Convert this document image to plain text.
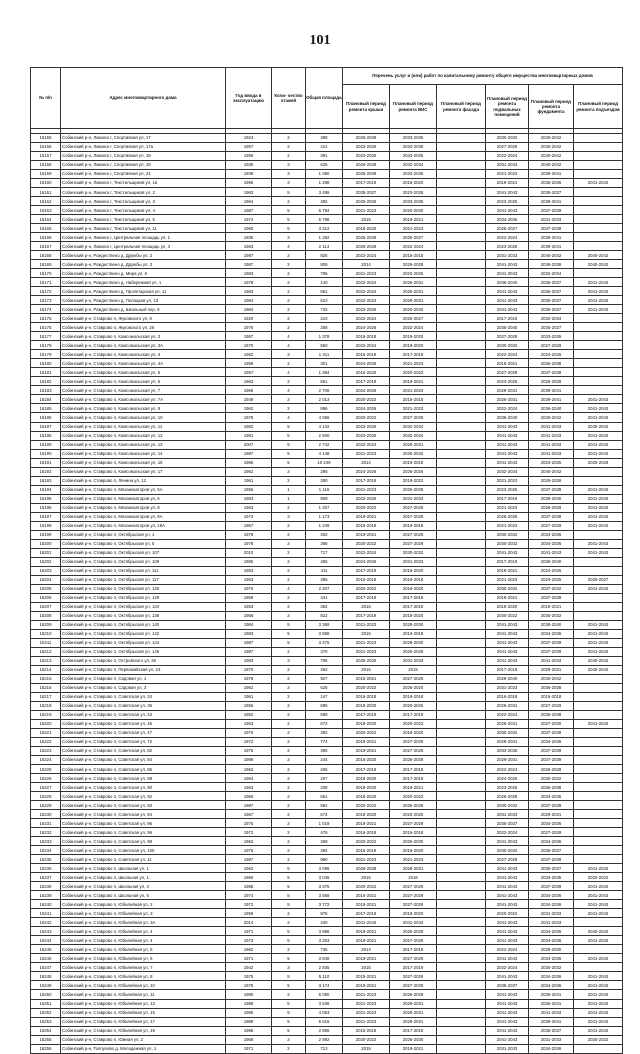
101
№ п/п	Адрес многоквартирного дома	Год ввода в эксплуатацию	Коли- чество этажей	Общая площадь	Перечень услуг и (или) работ по капитальному ремонту общего имущества многоквартирных домов					
					Плановый период ремонта крыши	Плановый период ремонта ВИС	Плановый период ремонта фасада	Плановый период ремонта подвальных помещений	Плановый период ремонта фундамента	Плановый период ремонта подъездов

16155	Собинский р-н, Лакинск г, Спортивная ул, 17	1924	2	398	2026-2028	2033-2035		2030-2032	2040-2042	
16156	Собинский р-н, Лакинск г, Спортивная ул, 17а	1957	2	421	2023-2025	2033-2035		2027-2029	2040-2042	
16157	Собинский р-н, Лакинск г, Спортивная ул, 18	1956	2	391	2023-2025	2033-2035		2022-2024	2040-2042	
16158	Собинский р-н, Лакинск г, Спортивная ул, 19	1935	3	625	2026-2028	2032-2034		2031-2033	2040-2042	
16159	Собинский р-н, Лакинск г, Спортивная ул, 21	1939	3	1 080	2026-2028	2033-2035		2021-2023	2039-2041	
16160	Собинский р-н, Лакинск г, Текстильщиков ул, 1в	1996	3	1 298	2017-2019	2018-2020		2019-2021	2035-2036	2041-2043
16161	Собинский р-н, Лакинск г, Текстильщиков ул, 2	1963	5	3 486	2035-2027	2023-2035		2041-2043	2035-2037	
16162	Собинский р-н, Лакинск г, Текстильщиков ул, 3	1964	2	482	2025-2025	2033-2035		2023-2025	2039-2041	
16163	Собинский р-н, Лакинск г, Текстильщиков ул, 4	1987	5	6 784	2021-2023	2020-2030		2041-2043	2037-2039	
16164	Собинский р-н, Лакинск г, Текстильщиков ул, 5	1974	5	5 788	2015	2019-2021		2034-2036	2031-2033	
16165	Собинский р-н, Лакинск г, Текстильщиков ул, 11	1960	5	3 312	2018-2020	2021-2023		2025-2027	2037-2039	
16166	Собинский р-н, Лакинск г, Центральная площадь ул, 1	1935	3	1 282	2026-2028	2025-2027		2022-2024	2039-2041	
16167	Собинский р-н, Лакинск г, Центральная площадь ул, 3	1963	4	2 114	2026-2028	2022-2024		2023-2025	2039-2041	
16168	Собинский р-н, Рождествено д, Дружбы ул, 2	1987	2	826	2022-2024	2016-2018		2031-2033	2040-2042	2040-2042
16169	Собинский р-н, Рождествено д, Дружбы ул, 3	1987	2	806	2014	2026-2028		2041-2043	2036-2038	2040-2042
16170	Собинский р-н, Рождествено д, Мира ул, 6	1983	2	796	2021-2023	2023-2025		2041-2043	2032-2034	
16171	Собинский р-н, Рождествено д, Набережная ул, 1	1978	2	140	2022-2024	2026-2031		2036-2040	2035-2037	2041-2043
16172	Собинский р-н, Рождествено д, Пролетарская ул, 11	1983	2	561	2022-2024	2026-2031		2041-2043	2035-2037	2041-2043
16173	Собинский р-н, Рождествено д, Полоцкая ул, 13	1984	2	623	2022-2024	2029-2031		2041-2043	2035-2037	2041-2043
16174	Собинский р-н, Рождествено д, Школьный пер, 9	1984	2	732	2023-2025	2020-2032		2041-2043	2035-2037	2041-2043
16175	Собинский р-н, Ставрово п, Жуковского ул, 9	1920	2	210	2022-2024	2025-2027		2017-2019	2032-2034	
16176	Собинский р-н, Ставрово п, Жуковского ул, 26	1976	2	268	2024-2026	2022-2024		2035-2040	2025-2027	
16177	Собинский р-н, Ставрово п, Комсомольская ул, 3	1987	4	1 378	2016-2018	2019-2020		2027-2029	2033-2035	
16178	Собинский р-н, Ставрово п, Комсомольская ул, 3А	1970	4	550	2022-2024	2019-2020		2030-2032	2027-2029	
16179	Собинский р-н, Ставрово п, Комсомольская ул, 4	1962	3	1 311	2016-2018	2017-2019		2022-2024	2024-2026	
16180	Собинский р-н, Ставрово п, Комсомольская ул, 4А	1959	2	301	2024-2026	2021-2023		2019-2021	2036-2038	
16181	Собинский р-н, Ставрово п, Комсомольская ул, 5	1957	4	1 384	2016-2020	2020-2022		2027-2029	2037-2039	
16182	Собинский р-н, Ставрово п, Комсомольская ул, 6	1963	2	661	2017-2019	2019-2021		2023-2025	2026-2028	
16183	Собинский р-н, Ставрово п, Комсомольская ул, 7	1969	4	2 706	2024-2026	2021-2023		2029-2031	2039-2041	
16184	Собинский р-н, Ставрово п, Комсомольская ул, 7А	1949	2	2 013	2020-2022	2016-2018		2026-2031	2039-2041	2041-2043
16185	Собинский р-н, Ставрово п, Комсомольская ул, 8	1962	2	896	2024-2026	2021-2023		2022-2024	2036-2040	2041-2043
16186	Собинский р-н, Ставрово п, Комсомольская ул, 10	1978	4	4 066	2020-2022	2027-2029		2036-2040	2040-2042	2041-2043
16187	Собинский р-н, Ставрово п, Комсомольская ул, 11	1982	5	4 132	2023-2025	2032-2034		2041-2043	2041-2043	2040-2042
16188	Собинский р-н, Ставрово п, Комсомольская ул, 12	1981	5	2 600	2023-2025	2032-2034		2041-2043	2041-2043	2041-2043
16189	Собинский р-н, Ставрово п, Комсомольская ул, 13	2007	5	2 742	2022-2024	2029-2031		2041-2043	2041-2043	2041-2043
16190	Собинский р-н, Ставрово п, Комсомольская ул, 14	1987	5	4 148	2021-2023	2030-2032		2041-2043	2041-2043	2041-2043
16191	Собинский р-н, Ставрово п, Комсомольская ул, 16	1985	5	10 249	2014	2019-2018		2041-2043	2023-2025	2025-2029
16192	Собинский р-н, Ставрово п, Комсомольская ул, 17	1962	2	295	2024-2026	2026-2026		2032-2034	2040-2042	
16193	Собинский р-н, Ставрово п, Ленина ул, 12	1961	2	290	2017-2019	2019-2022		2021-2023	2026-2028	
16194	Собинский р-н, Ставрово п, Механизаторов ул, 5А	1956	1	1 116	2021-2023	2026-2028		2023-2025	2037-2039	2041-2043
16195	Собинский р-н, Ставрово п, Механизаторов ул, 6	1983	1	909	2022-2025	2031-2033		2017-2019	2039-2040	2041-2043
16196	Собинский р-н, Ставрово п, Механизаторов ул, 8	1963	2	1 307	2020-2022	2027-2029		2021-2023	2026-2028	2041-2043
16197	Собинский р-н, Ставрово п, Механизаторов ул, 8А	1973	3	1 173	2019-2021	2027-2029		2026-2025	2037-2039	2041-2043
16198	Собинский р-н, Ставрово п, Механизаторов ул, 18А	1967	2	1 249	2016-2018	2016-2018		2021-2023	2027-2029	2041-2043
16199	Собинский р-н, Ставрово п, Октябрьская ул, 1	1978	2	302	2019-2021	2027-2029		2030-2032	2034-2036	
16200	Собинский р-н, Ставрово п, Октябрьская ул, 5	1978	2	366	2020-2022	2027-2029		2030-2032	2034-2036	2041-2043
16201	Собинский р-н, Ставрово п, Октябрьская ул, 107	2010	2	717	2022-2024	2030-2032		2041-2043	2041-2043	2041-2043
16202	Собинский р-н, Ставрово п, Октябрьская ул, 109	1985	2	456	2024-2026	2031-2033		2017-2019	2036-2040	
16203	Собинский р-н, Ставрово п, Октябрьская ул, 111	1953	2	411	2017-2019	2018-2020		2019-2021	2024-2026	
16204	Собинский р-н, Ставрово п, Октябрьская ул, 117	1953	2	395	2016-2018	2016-2018		2021-2023	2023-2025	2025-2027
16205	Собинский р-н, Ставрово п, Октябрьская ул, 126	1970	4	2 207	2020-2022	2016-2020		2030-2032	2037-2032	2041-2043
16206	Собинский р-н, Ставрово п, Октябрьская ул, 128	1958	2	441	2017-2019	2017-2019		2019-2021	2037-2039	
16207	Собинский р-н, Ставрово п, Октябрьская ул, 134	1953	2	354	2015	2017-2019		2018-2020	2019-2021	
16208	Собинский р-н, Ставрово п, Октябрьская ул, 136	1956	2	822	2017-2019	2018-2020		2030-2022	2030-2032	
16209	Собинский р-н, Ставрово п, Октябрьская ул, 140	1984	5	3 368	2021-2023	2028-2030		2041-2043	2038-2040	2041-2043
16210	Собинский р-н, Ставрово п, Октябрьская ул, 142	1983	5	3 858	2015	2016-2018		2041-2043	2034-2036	2041-2043
16211	Собинский р-н, Ставрово п, Октябрьская ул, 144	1987	5	3 475	2021-2023	2028-2030		2041-2043	2037-2039	2041-2043
16212	Собинский р-н, Ставрово п, Октябрьская ул, 146	1987	2	376	2021-2023	2026-2028		2041-2043	2037-2039	2041-2043
16213	Собинский р-н, Ставрово п, Островского ул, 26	1983	3	706	2025-2025	2031-2033		2041-2043	2041-2043	2040-2042
16214	Собинский р-н, Ставрово п, Первомайская ул, 23	1970	2	262	2015	2015		2017-2019	2029-2031	2040-2042
16215	Собинский р-н, Ставрово п, Садовая ул, 1	1978	2	927	2016-2021	2027-2029		2029-2040	2040-2042	
16216	Собинский р-н, Ставрово п, Садовая ул, 3	1962	2	625	2020-2022	2026-2020		2031-2033	2036-2038	
16217	Собинский р-н, Ставрово п, Советская ул, 34	1961	2	147	2016-2018	2016-2018		2016-2018	2016-2018	
16218	Собинский р-н, Ставрово п, Советская ул, 36	1956	2	685	2018-2020	2020-2025		2026-2031	2027-2029	
16219	Собинский р-н, Ставрово п, Советская ул, 43	1952	2	689	2017-2019	2017-2019		2022-2024	2035-2038	
16220	Собинский р-н, Ставрово п, Советская ул, 45	1953	2	672	2018-2020	2020-2022		2026-2031	2027-2030	2041-2043
16221	Собинский р-н, Ставрово п, Советская ул, 47	1970	2	392	2020-2022	2018-2020		2030-2032	2037-2039	
16222	Собинский р-н, Ставрово п, Советская ул, 72	1972	2	774	2019-2021	2027-2029		2029-2031	2034-2036	
16223	Собинский р-н, Ставрово п, Советская ул, 82	1975	2	395	2019-2021	2027-2029		2033-2035	2037-2039	
16224	Собинский р-н, Ставрово п, Советская ул, 84	1989	2	244	2016-2020	2026-2028		2029-2031	2037-2039	
16225	Собинский р-н, Ставрово п, Советская ул, 86	1962	2	265	2017-2019	2017-2019		2022-2024	2026-2028	
16226	Собинский р-н, Ставрово п, Советская ул, 88	1964	2	207	2018-2020	2017-2019		2024-2026	2030-2032	
16227	Собинский р-н, Ставрово п, Советская ул, 90	1963	2	338	2018-2020	2019-2021		2023-2025	2036-2038	
16228	Собинский р-н, Ставрово п, Советская ул, 92	1966	2	661	2018-2020	2020-2022		2026-2028	2033-2035	
16229	Собинский р-н, Ставрово п, Советская ул, 93	1987	2	862	2020-2022	2026-2028		2030-2032	2037-2039	
16230	Собинский р-н, Ставрово п, Советская ул, 94	1967	2	674	2018-2020	2023-2025		2031-2033	2029-2031	
16231	Собинский р-н, Ставрово п, Советская ул, 96	1975	2	1 019	2019-2021	2027-2029		2035-2037	2034-2036	
16232	Собинский р-н, Ставрово п, Советская ул, 96	1972	2	476	2016-2019	2016-2018		2022-2024	2027-2029	
16233	Собинский р-н, Ставрово п, Советская ул, 98	1962	2	369	2020-2022	2026-2030		2041-2043	2034-2036	
16234	Собинский р-н, Ставрово п, Советская ул, 100	1976	2	394	2016-2018	2018-2020		2030-2032	2035-2037	
16235	Собинский р-н, Ставрово п, Советская ул, 11	1987	2	980	2021-2023	2021-2023		2027-2029	2037-2039	
16236	Собинский р-н, Ставрово п, Школьная ул, 1	1962	5	3 096	2026-2028	2028-2031		2041-2043	2035-2037	2041-2043
16237	Собинский р-н, Ставрово п, Школьная ул, 1	1990	5	3 045	2015	2016		2041-2043	2033-2035	2020-2022
16238	Собинский р-н, Ставрово п, Школьная ул, 3	1988	5	3 375	2020-2022	2027-2029		2041-2043	2037-2039	2041-2043
16239	Собинский р-н, Ставрово п, Школьная ул, 6	1974	5	3 568	2016-2021	2027-2029		2041-2043	2034-2036	2041-2043
16240	Собинский р-н, Ставрово п, Юбилейная ул, 2	1972	5	3 772	2019-2021	2027-2029		2041-2043	2034-2036	2041-2043
16241	Собинский р-н, Ставрово п, Юбилейная ул, 3	1959	2	976	2017-2019	2018-2020		2020-2022	2031-2033	2041-2043
16242	Собинский р-н, Ставрово п, Юбилейная ул, 3А	2014	2	430	2041-2043	2041-2043		2041-2043	2041-2043	
16243	Собинский р-н, Ставрово п, Юбилейная ул, 4	1971	5	3 886	2019-2021	2026-2028		2041-2043	2034-2036	2040-2042
16244	Собинский р-н, Ставрово п, Юбилейная ул, 4	1973	5	3 253	2019-2021	2027-2029		2041-2043	2034-2036	2041-2043
16245	Собинский р-н, Ставрово п, Юбилейная ул, 5	1962	2	735	2014	2017-2019		2022-2024	2028-2030	
16246	Собинский р-н, Ставрово п, Юбилейная ул, 6	1971	5	3 849	2019-2021	2027-2029		2041-2043	2034-2036	2041-2043
16247	Собинский р-н, Ставрово п, Юбилейная ул, 7	1942	3	2 835	2015	2017-2019		2022-2024	2030-2032	
16248	Собинский р-н, Ставрово п, Юбилейная ул, 8	1975	5	5 110	2019-2021	2027-2029		2041-2043	2034-2036	2041-2043
16249	Собинский р-н, Ставрово п, Юбилейная ул, 10	1975	5	3 174	2019-2021	2027-2029		2035-2037	2034-2036	2041-2043
16250	Собинский р-н, Ставрово п, Юбилейная ул, 11	1980	2	6 090	2021-2023	2026-2028		2041-2043	2036-2041	2041-2043
16251	Собинский р-н, Ставрово п, Юбилейная ул, 13	1989	5	3 536	2021-2023	2029-2031		2041-2043	2036-2041	2041-2043
16252	Собинский р-н, Ставрово п, Юбилейная ул, 15	1985	5	4 063	2021-2023	2029-2031		2041-2043	2041-2043	2041-2043
16253	Собинский р-н, Ставрово п, Юбилейная ул, 17	1988	5	5 616	2021-2023	2028-2031		2041-2043	2039-2041	2041-2043
16254	Собинский р-н, Ставрово п, Юбилейная ул, 19	1988	5	2 866	2016-2018	2017-2019		2041-2043	2035-2037	2041-2043
16255	Собинский р-н, Ставрово п, Южная ул, 2	1968	2	2 892	2020-2022	2026-2030		2041-2043	2031-2033	2030-2032
16256	Собинский р-н, Толпухово д, Молодежная ул, 1	1971	2	713	2015	2019-2021		2031-2033	2034-2036	
